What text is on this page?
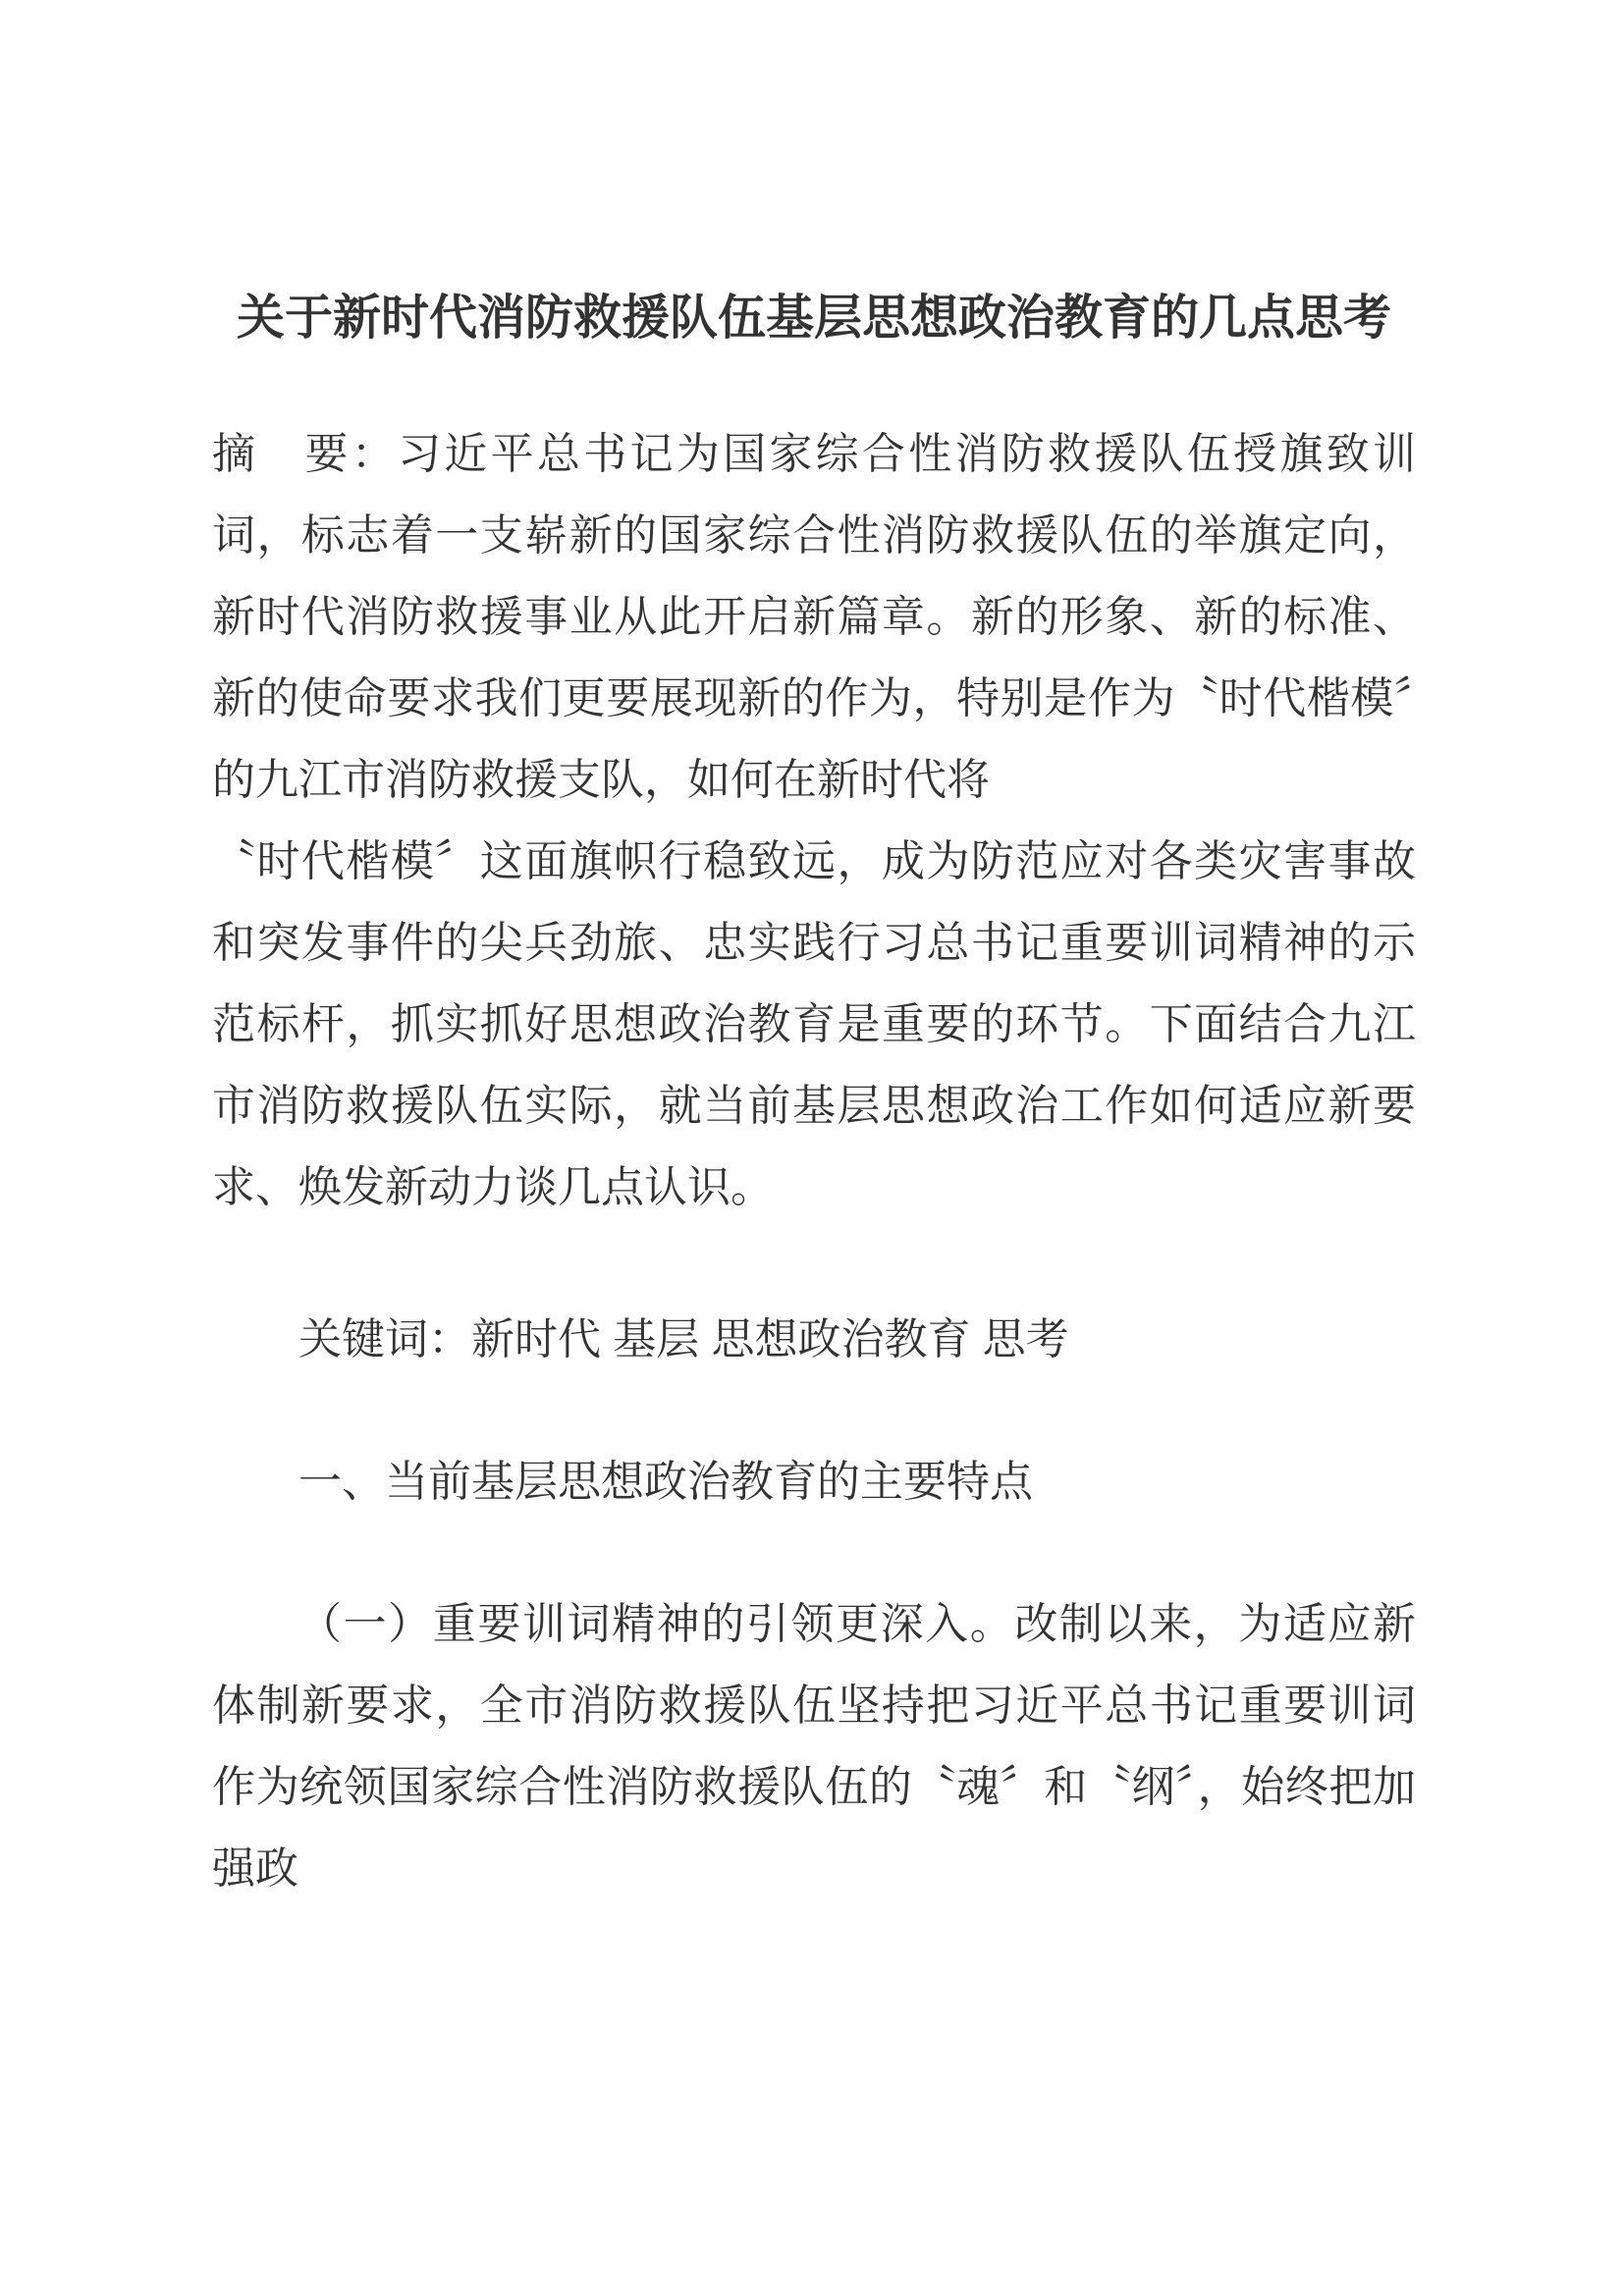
关于新时代消防救援队伍基层思想政治教育的几点思考

摘　要：习近平总书记为国家综合性消防救援队伍授旗致训词，标志着一支崭新的国家综合性消防救援队伍的举旗定向，新时代消防救援事业从此开启新篇章。新的形象、新的标准、新的使命要求我们更要展现新的作为，特别是作为〝时代楷模〞的九江市消防救援支队，如何在新时代将

〝时代楷模〞这面旗帜行稳致远，成为防范应对各类灾害事故和突发事件的尖兵劲旅、忠实践行习总书记重要训词精神的示范标杆，抓实抓好思想政治教育是重要的环节。下面结合九江市消防救援队伍实际，就当前基层思想政治工作如何适应新要求、焕发新动力谈几点认识。

关键词：新时代 基层 思想政治教育 思考

一、当前基层思想政治教育的主要特点

（一）重要训词精神的引领更深入。改制以来，为适应新体制新要求，全市消防救援队伍坚持把习近平总书记重要训词作为统领国家综合性消防救援队伍的〝魂〞和〝纲〞，始终把加强政
